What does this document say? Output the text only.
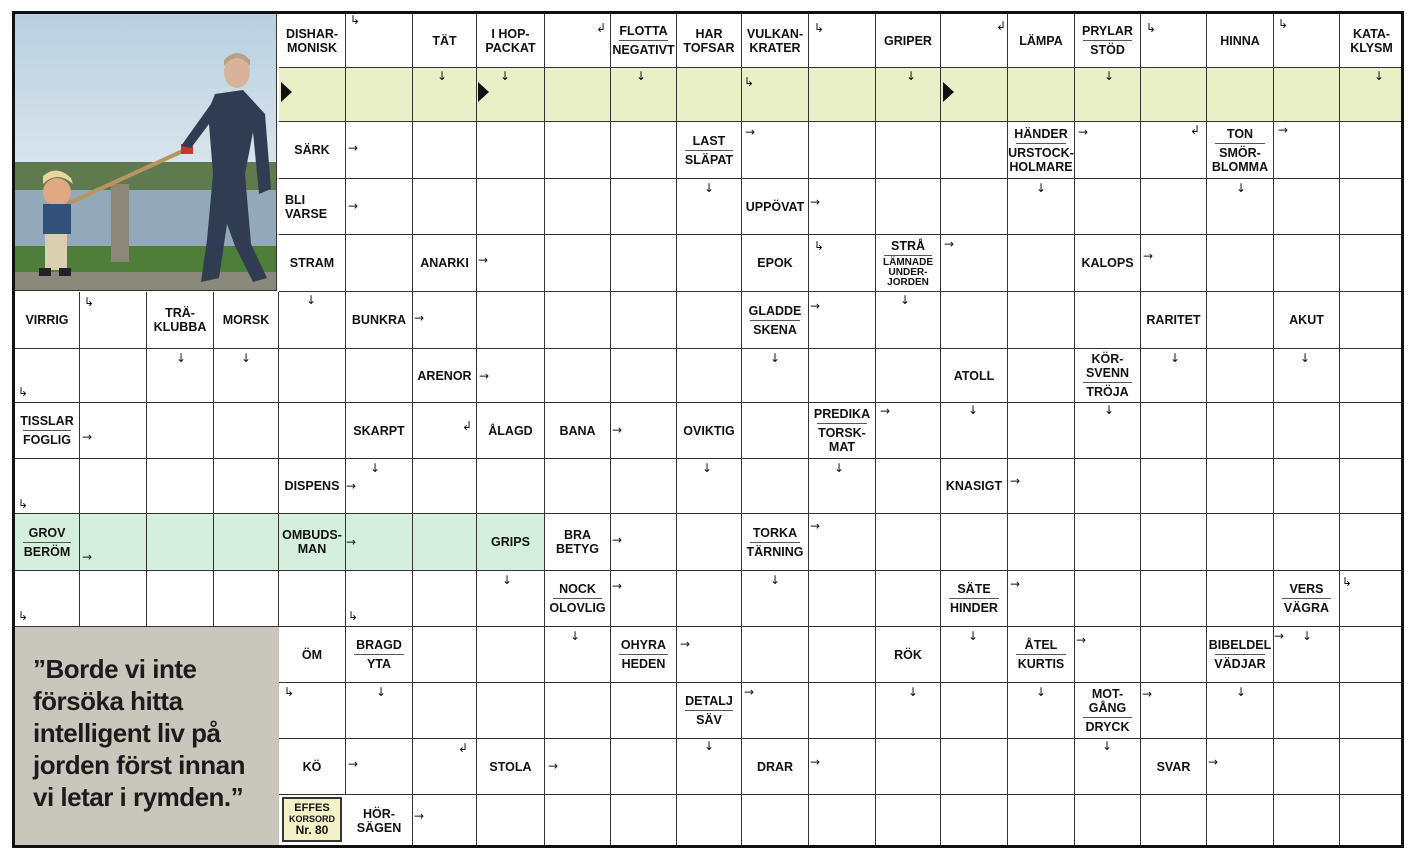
”Borde vi inte
försöka hitta
intelligent liv på
jorden först innan
vi letar i rymden.”	EFFES
KORSORD
Nr. 80
DISHAR-
MONISK	TÄT	I HOP-
PACKAT
FLOTTA
NEGATIVT
HAR
TOFSAR
VULKAN-
KRATER	GRIPER	LÄMPA
PRYLAR
STÖD
HINNA	KATA-
KLYSM
SÄRK
LAST
SLÄPAT
HÄNDER
URSTOCK-
HOLMARE
TON
SMÖR-
BLOMMA
BLI
VARSE	UPPÖVAT
STRAM	ANARKI	EPOK
STRÅ
LÄMNADE
UNDER-
JORDEN
KALOPS
VIRRIG	TRÄ-
KLUBBA MORSK	BUNKRA
GLADDE
SKENA
RARITET	AKUT
ARENOR	ATOLL
KÖR-
SVENN
TRÖJA
TISSLAR
FOGLIG
SKARPT	ÅLAGD BANA	OVIKTIG
PREDIKA
TORSK-
MAT
DISPENS	KNASIGT
GROV
BERÖM
OMBUDS-
MAN	GRIPS	BRA
BETYG
TORKA
TÄRNING
NOCK
OLOVLIG
SÄTE
HINDER
VERS
VÄGRA
ÖM
BRAGD
YTA
OHYRA
HEDEN
RÖK
ÅTEL
KURTIS
BIBELDEL
VÄDJAR
DETALJ
SÄV
MOT-
GÅNG
DRYCK
KÖ	STOLA	DRAR	SVAR
HÖR-
SÄGEN
→
→
→	→	→
→
→
→
→
→
→
→	→
→
→	→
→
→	→
→
→	→
→
→	→
→	→
→	→	→	→
→
→
↓	↓	↓	↓	↓	↓
↓
↓	↓
↓	↓	↓
↓
↓	↓	↓
↓	↓
↓	↓	↓
↓	↓
↓
↓
↓
↓	↓	↓
↓
↓	↓
↳
↳	↳	↳
↳
↳
↳
↳
↳	↳
↳
↳
↲	↲
↲
↲
↲
↳
